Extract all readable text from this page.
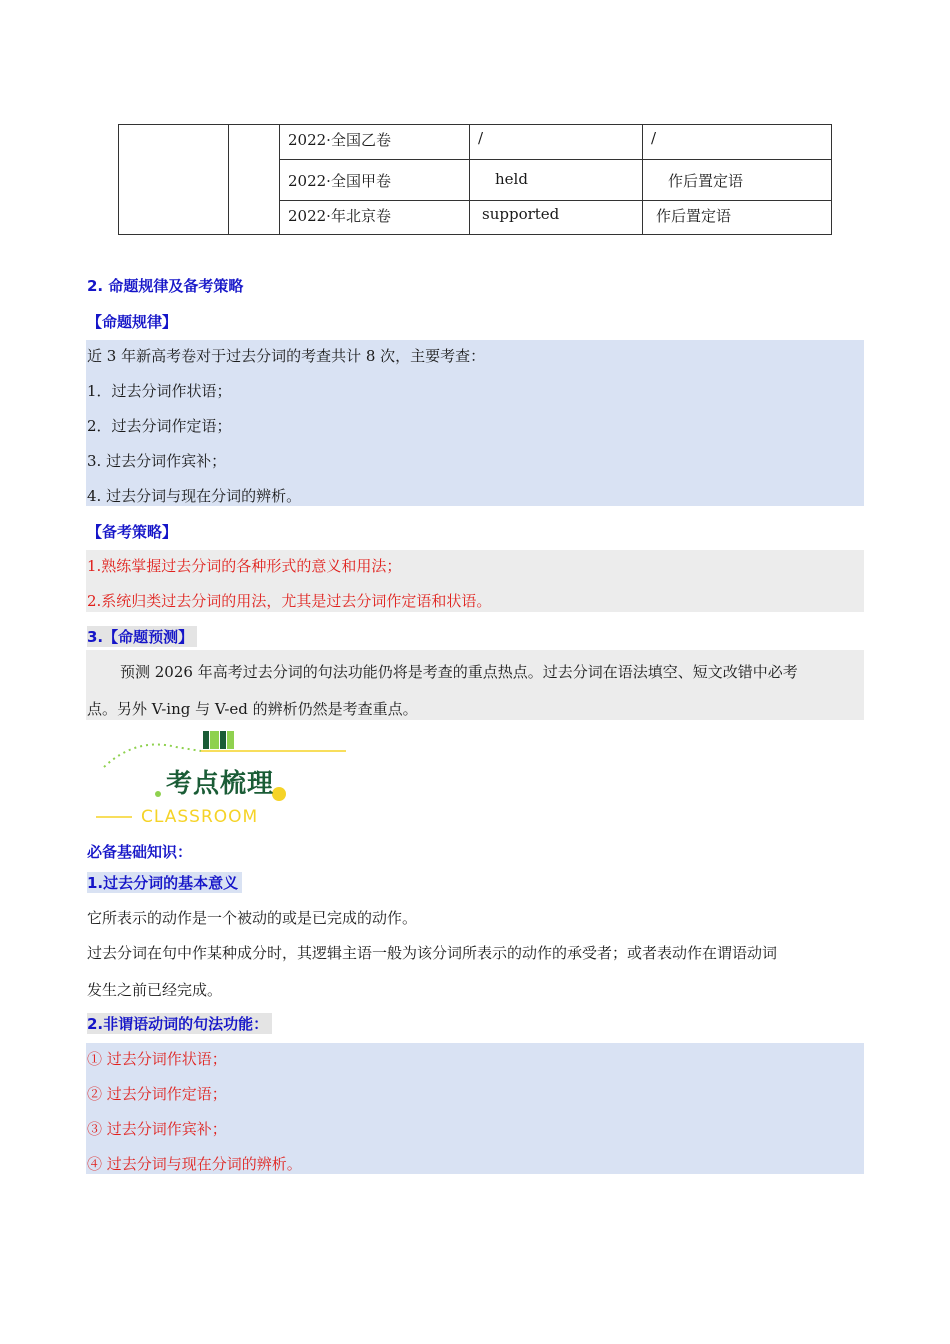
		2022·全国乙卷	/	/

		2022·全国甲卷	held	作后置定语

		2022·年北京卷	supported	作后置定语
2. 命题规律及备考策略
【命题规律】
近 3 年新高考卷对于过去分词的考查共计 8 次，主要考查：
1．过去分词作状语；
2．过去分词作定语；
3. 过去分词作宾补；
4. 过去分词与现在分词的辨析。
【备考策略】
1.熟练掌握过去分词的各种形式的意义和用法；
2.系统归类过去分词的用法，尤其是过去分词作定语和状语。
3.【命题预测】
预测 2026 年高考过去分词的句法功能仍将是考查的重点热点。过去分词在语法填空、短文改错中必考
点。另外 V-ing 与 V-ed 的辨析仍然是考查重点。
考点梳理
CLASSROOM
必备基础知识：
1.过去分词的基本意义
它所表示的动作是一个被动的或是已完成的动作。
过去分词在句中作某种成分时，其逻辑主语一般为该分词所表示的动作的承受者；或者表动作在谓语动词
发生之前已经完成。
2.非谓语动词的句法功能：
① 过去分词作状语；
② 过去分词作定语；
③ 过去分词作宾补；
④ 过去分词与现在分词的辨析。
